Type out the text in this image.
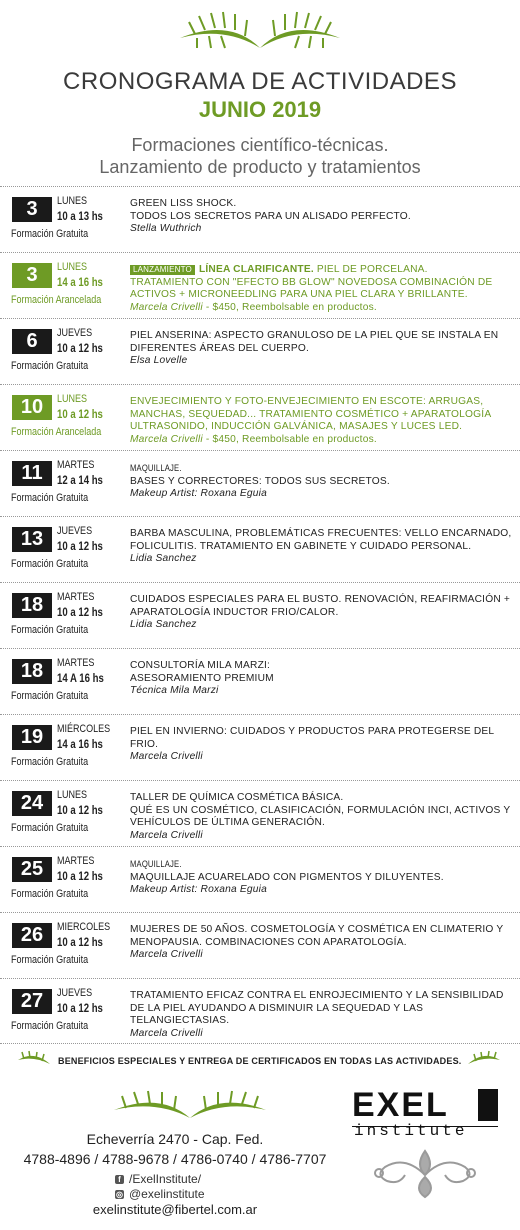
CRONOGRAMA DE ACTIVIDADES
JUNIO 2019
Formaciones científico-técnicas.
Lanzamiento de producto y tratamientos
3	LUNES
10 a 13 hs
Formación Gratuita
GREEN LISS SHOCK.
TODOS LOS SECRETOS PARA UN ALISADO PERFECTO.
Stella Wuthrich
3	LUNES
14 a 16 hs
Formación Arancelada
LANZAMIENTO LÍNEA CLARIFICANTE. PIEL DE PORCELANA.
TRATAMIENTO CON "EFECTO BB GLOW" NOVEDOSA COMBINACIÓN DE ACTIVOS + MICRONEEDLING PARA UNA PIEL CLARA Y BRILLANTE.
Marcela Crivelli - $450, Reembolsable en productos.
6	JUEVES
10 a 12 hs
Formación Gratuita
PIEL ANSERINA: ASPECTO GRANULOSO DE LA PIEL QUE SE INSTALA EN DIFERENTES ÁREAS DEL CUERPO.
Elsa Lovelle
10	LUNES
10 a 12 hs
Formación Arancelada
ENVEJECIMIENTO Y FOTO-ENVEJECIMIENTO EN ESCOTE: ARRUGAS, MANCHAS, SEQUEDAD... TRATAMIENTO COSMÉTICO + APARATOLOGÍA ULTRASONIDO, INDUCCIÓN GALVÁNICA, MASAJES Y LUCES LED.
Marcela Crivelli - $450, Reembolsable en productos.
11	MARTES
12 a 14 hs
Formación Gratuita
MAQUILLAJE.
BASES Y CORRECTORES: TODOS SUS SECRETOS.
Makeup Artist: Roxana Eguia
13	JUEVES
10 a 12 hs
Formación Gratuita
BARBA MASCULINA, PROBLEMÁTICAS FRECUENTES: VELLO ENCARNADO, FOLICULITIS. TRATAMIENTO EN GABINETE Y CUIDADO PERSONAL.
Lidia Sanchez
18	MARTES
10 a 12 hs
Formación Gratuita
CUIDADOS ESPECIALES PARA EL BUSTO. RENOVACIÓN, REAFIRMACIÓN + APARATOLOGÍA INDUCTOR FRIO/CALOR.
Lidia Sanchez
18	MARTES
14 A 16 hs
Formación Gratuita
CONSULTORÍA MILA MARZI:
ASESORAMIENTO PREMIUM
Técnica Mila Marzi
19	MIÉRCOLES
14 a 16 hs
Formación Gratuita
PIEL EN INVIERNO: CUIDADOS Y PRODUCTOS PARA PROTEGERSE DEL FRIO.
Marcela Crivelli
24	LUNES
10 a 12 hs
Formación Gratuita
TALLER DE QUÍMICA COSMÉTICA BÁSICA.
QUÉ ES UN COSMÉTICO, CLASIFICACIÓN, FORMULACIÓN INCI, ACTIVOS Y VEHÍCULOS DE ÚLTIMA GENERACIÓN.
Marcela Crivelli
25	MARTES
10 a 12 hs
Formación Gratuita
MAQUILLAJE.
MAQUILLAJE ACUARELADO CON PIGMENTOS Y DILUYENTES.
Makeup Artist: Roxana Eguia
26	MIERCOLES
10 a 12 hs
Formación Gratuita
MUJERES DE 50 AÑOS. COSMETOLOGÍA Y COSMÉTICA EN CLIMATERIO Y MENOPAUSIA. COMBINACIONES CON APARATOLOGÍA.
Marcela Crivelli
27	JUEVES
10 a 12 hs
Formación Gratuita
TRATAMIENTO EFICAZ CONTRA EL ENROJECIMIENTO Y LA SENSIBILIDAD DE LA PIEL AYUDANDO A DISMINUIR LA SEQUEDAD Y LAS TELANGIECTASIAS.
Marcela Crivelli
BENEFICIOS ESPECIALES Y ENTREGA DE CERTIFICADOS EN TODAS LAS ACTIVIDADES.
Echeverría 2470 - Cap. Fed.
4788-4896 / 4788-9678 / 4786-0740 / 4786-7707
f /ExelInstitute/
◎ @exelinstitute
exelinstitute@fibertel.com.ar
EXEL
institute
